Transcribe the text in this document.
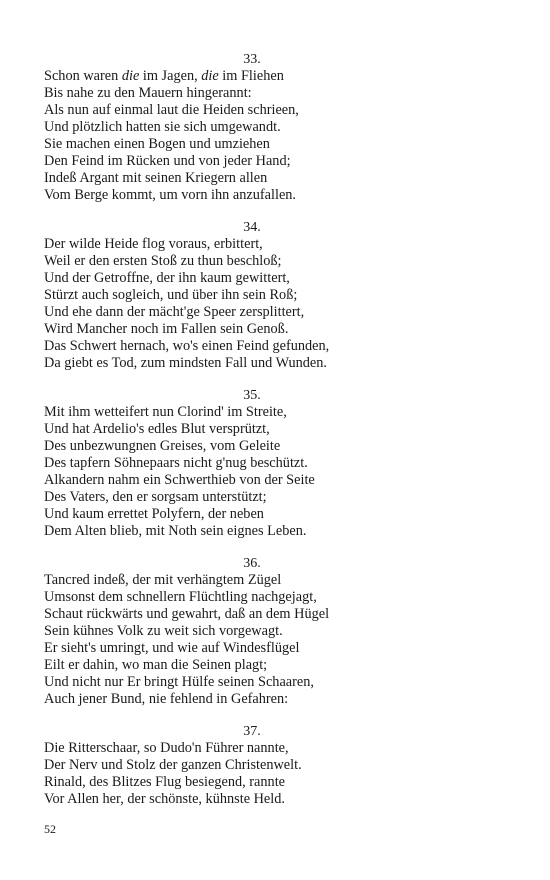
33.
Schon waren die im Jagen, die im Fliehen
Bis nahe zu den Mauern hingerannt:
Als nun auf einmal laut die Heiden schrieen,
Und plötzlich hatten sie sich umgewandt.
Sie machen einen Bogen und umziehen
Den Feind im Rücken und von jeder Hand;
Indeß Argant mit seinen Kriegern allen
Vom Berge kommt, um vorn ihn anzufallen.
34.
Der wilde Heide flog voraus, erbittert,
Weil er den ersten Stoß zu thun beschloß;
Und der Getroffne, der ihn kaum gewittert,
Stürzt auch sogleich, und über ihn sein Roß;
Und ehe dann der mächt'ge Speer zersplittert,
Wird Mancher noch im Fallen sein Genoß.
Das Schwert hernach, wo's einen Feind gefunden,
Da giebt es Tod, zum mindsten Fall und Wunden.
35.
Mit ihm wetteifert nun Clorind' im Streite,
Und hat Ardelio's edles Blut versprützt,
Des unbezwungnen Greises, vom Geleite
Des tapfern Söhnepaars nicht g'nug beschützt.
Alkandern nahm ein Schwerthieb von der Seite
Des Vaters, den er sorgsam unterstützt;
Und kaum errettet Polyfern, der neben
Dem Alten blieb, mit Noth sein eignes Leben.
36.
Tancred indeß, der mit verhängtem Zügel
Umsonst dem schnellern Flüchtling nachgejagt,
Schaut rückwärts und gewahrt, daß an dem Hügel
Sein kühnes Volk zu weit sich vorgewagt.
Er sieht's umringt, und wie auf Windesflügel
Eilt er dahin, wo man die Seinen plagt;
Und nicht nur Er bringt Hülfe seinen Schaaren,
Auch jener Bund, nie fehlend in Gefahren:
37.
Die Ritterschaar, so Dudo'n Führer nannte,
Der Nerv und Stolz der ganzen Christenwelt.
Rinald, des Blitzes Flug besiegend, rannte
Vor Allen her, der schönste, kühnste Held.
52
